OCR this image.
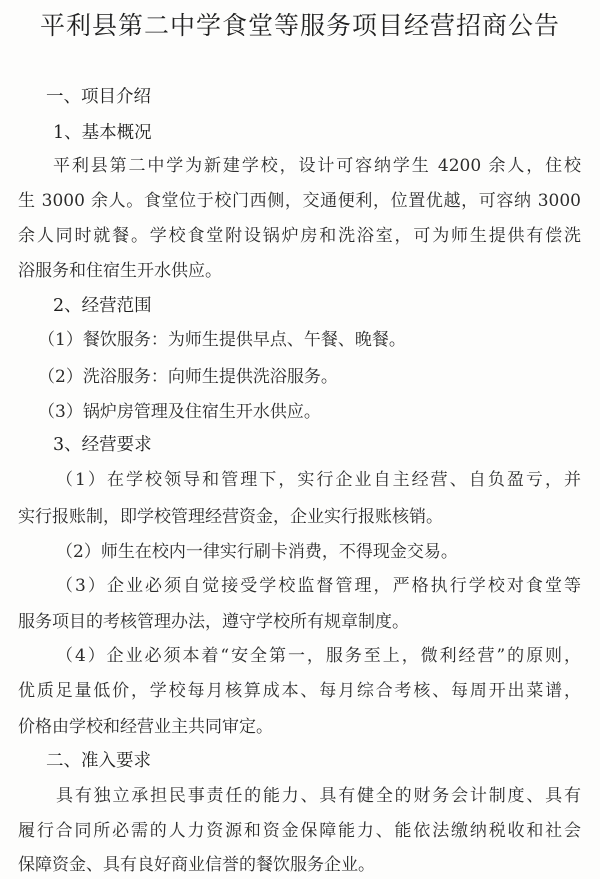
平利县第二中学食堂等服务项目经营招商公告
一、项目介绍
1、基本概况
平利县第二中学为新建学校，设计可容纳学生 4200 余人，住校
生 3000 余人。食堂位于校门西侧，交通便利，位置优越，可容纳 3000
余人同时就餐。学校食堂附设锅炉房和洗浴室，可为师生提供有偿洗
浴服务和住宿生开水供应。
2、经营范围
（1）餐饮服务：为师生提供早点、午餐、晚餐。
（2）洗浴服务：向师生提供洗浴服务。
（3）锅炉房管理及住宿生开水供应。
3、经营要求
（1）在学校领导和管理下，实行企业自主经营、自负盈亏，并
实行报账制，即学校管理经营资金，企业实行报账核销。
（2）师生在校内一律实行刷卡消费，不得现金交易。
（3）企业必须自觉接受学校监督管理，严格执行学校对食堂等
服务项目的考核管理办法，遵守学校所有规章制度。
（4）企业必须本着“安全第一，服务至上，微利经营”的原则，
优质足量低价，学校每月核算成本、每月综合考核、每周开出菜谱，
价格由学校和经营业主共同审定。
二、准入要求
具有独立承担民事责任的能力、具有健全的财务会计制度、具有
履行合同所必需的人力资源和资金保障能力、能依法缴纳税收和社会
保障资金、具有良好商业信誉的餐饮服务企业。
